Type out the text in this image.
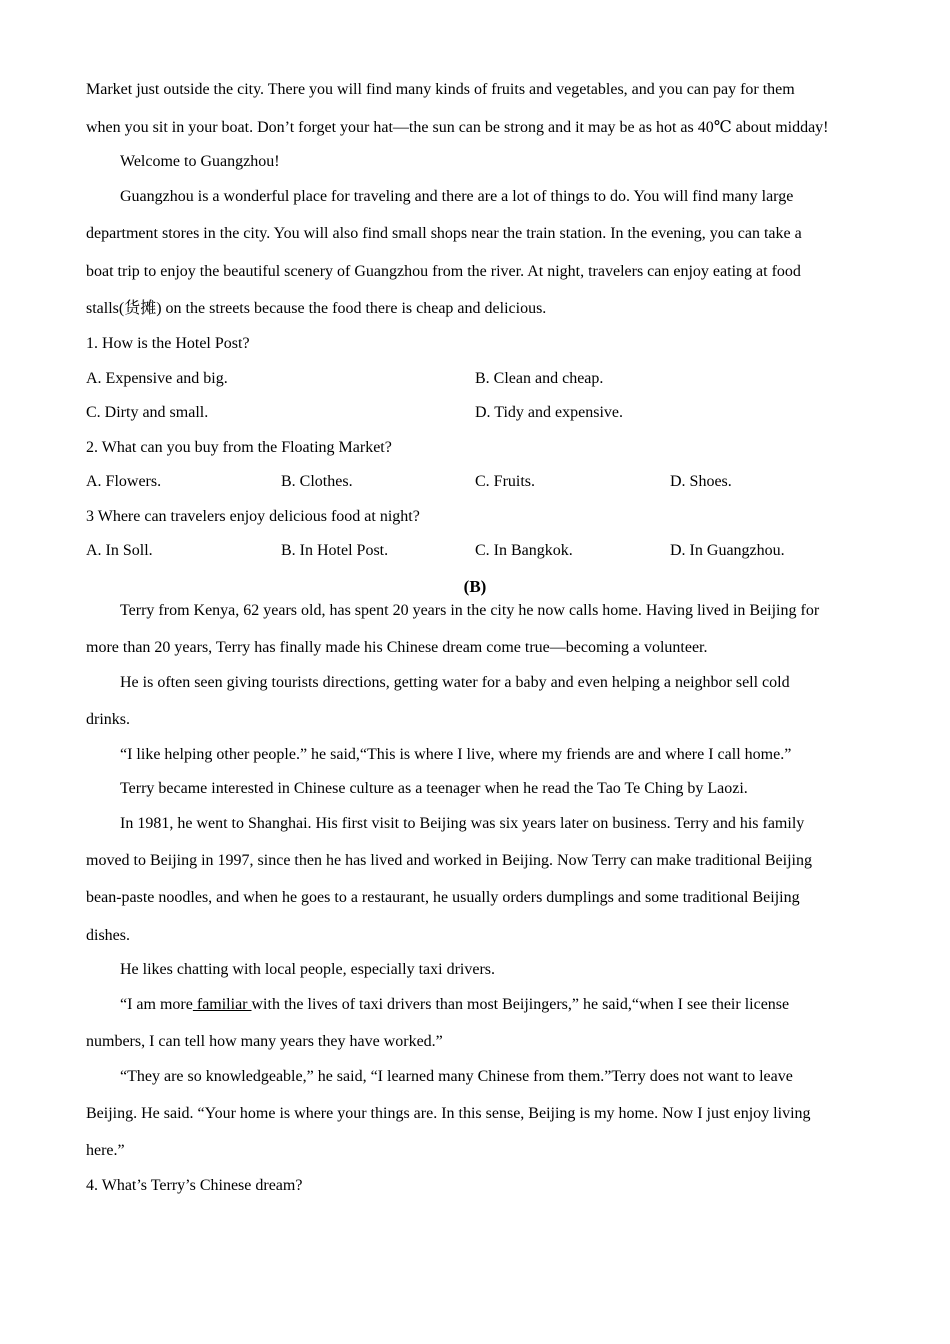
Market just outside the city. There you will find many kinds of fruits and vegetables, and you can pay for them
when you sit in your boat. Don’t forget your hat—the sun can be strong and it may be as hot as 40℃ about midday!
Welcome to Guangzhou!
Guangzhou is a wonderful place for traveling and there are a lot of things to do. You will find many large
department stores in the city. You will also find small shops near the train station. In the evening, you can take a
boat trip to enjoy the beautiful scenery of Guangzhou from the river. At night, travelers can enjoy eating at food
stalls(货摊) on the streets because the food there is cheap and delicious.
1. How is the Hotel Post?
A. Expensive and big.	B. Clean and cheap.
C. Dirty and small.	D. Tidy and expensive.
2. What can you buy from the Floating Market?
A. Flowers.	B. Clothes.	C. Fruits.	D. Shoes.
3 Where can travelers enjoy delicious food at night?
A. In Soll.	B. In Hotel Post.	C. In Bangkok.	D. In Guangzhou.
(B)
Terry from Kenya, 62 years old, has spent 20 years in the city he now calls home. Having lived in Beijing for
more than 20 years, Terry has finally made his Chinese dream come true—becoming a volunteer.
He is often seen giving tourists directions, getting water for a baby and even helping a neighbor sell cold
drinks.
“I like helping other people.” he said,“This is where I live, where my friends are and where I call home.”
Terry became interested in Chinese culture as a teenager when he read the Tao Te Ching by Laozi.
In 1981, he went to Shanghai. His first visit to Beijing was six years later on business. Terry and his family
moved to Beijing in 1997, since then he has lived and worked in Beijing. Now Terry can make traditional Beijing
bean-paste noodles, and when he goes to a restaurant, he usually orders dumplings and some traditional Beijing
dishes.
He likes chatting with local people, especially taxi drivers.
“I am more familiar with the lives of taxi drivers than most Beijingers,” he said,“when I see their license
numbers, I can tell how many years they have worked.”
“They are so knowledgeable,” he said, “I learned many Chinese from them.”Terry does not want to leave
Beijing. He said. “Your home is where your things are. In this sense, Beijing is my home. Now I just enjoy living
here.”
4. What’s Terry’s Chinese dream?
